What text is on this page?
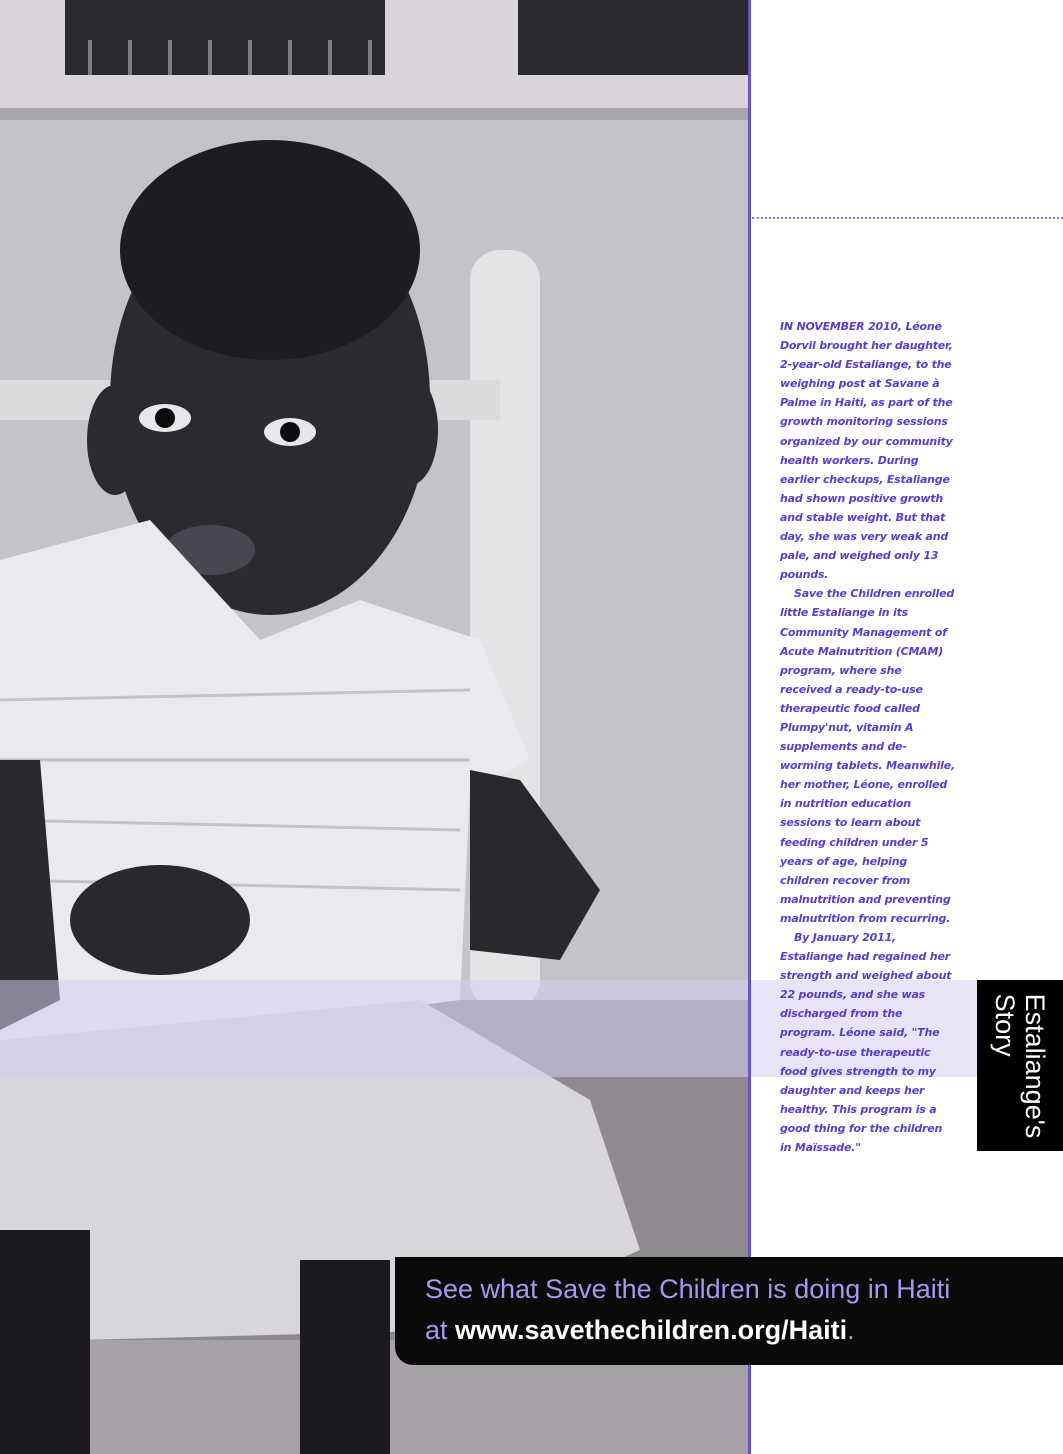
IN NOVEMBER 2010, Léone Dorvil brought her daughter, 2-year-old Estaliange, to the weighing post at Savane à Palme in Haiti, as part of the growth monitoring sessions organized by our community health workers. During earlier checkups, Estaliange had shown positive growth and stable weight. But that day, she was very weak and pale, and weighed only 13 pounds.

Save the Children enrolled little Estaliange in its Community Management of Acute Malnutrition (CMAM) program, where she received a ready-to-use therapeutic food called Plumpy'nut, vitamin A supplements and de-worming tablets. Meanwhile, her mother, Léone, enrolled in nutrition education sessions to learn about feeding children under 5 years of age, helping children recover from malnutrition and preventing malnutrition from recurring.

By January 2011, Estaliange had regained her strength and weighed about 22 pounds, and she was discharged from the program. Léone said, "The ready-to-use therapeutic food gives strength to my daughter and keeps her healthy. This program is a good thing for the children in Maïssade."

Estaliange's
Story
See what Save the Children is doing in Haiti
at www.savethechildren.org/Haiti.
